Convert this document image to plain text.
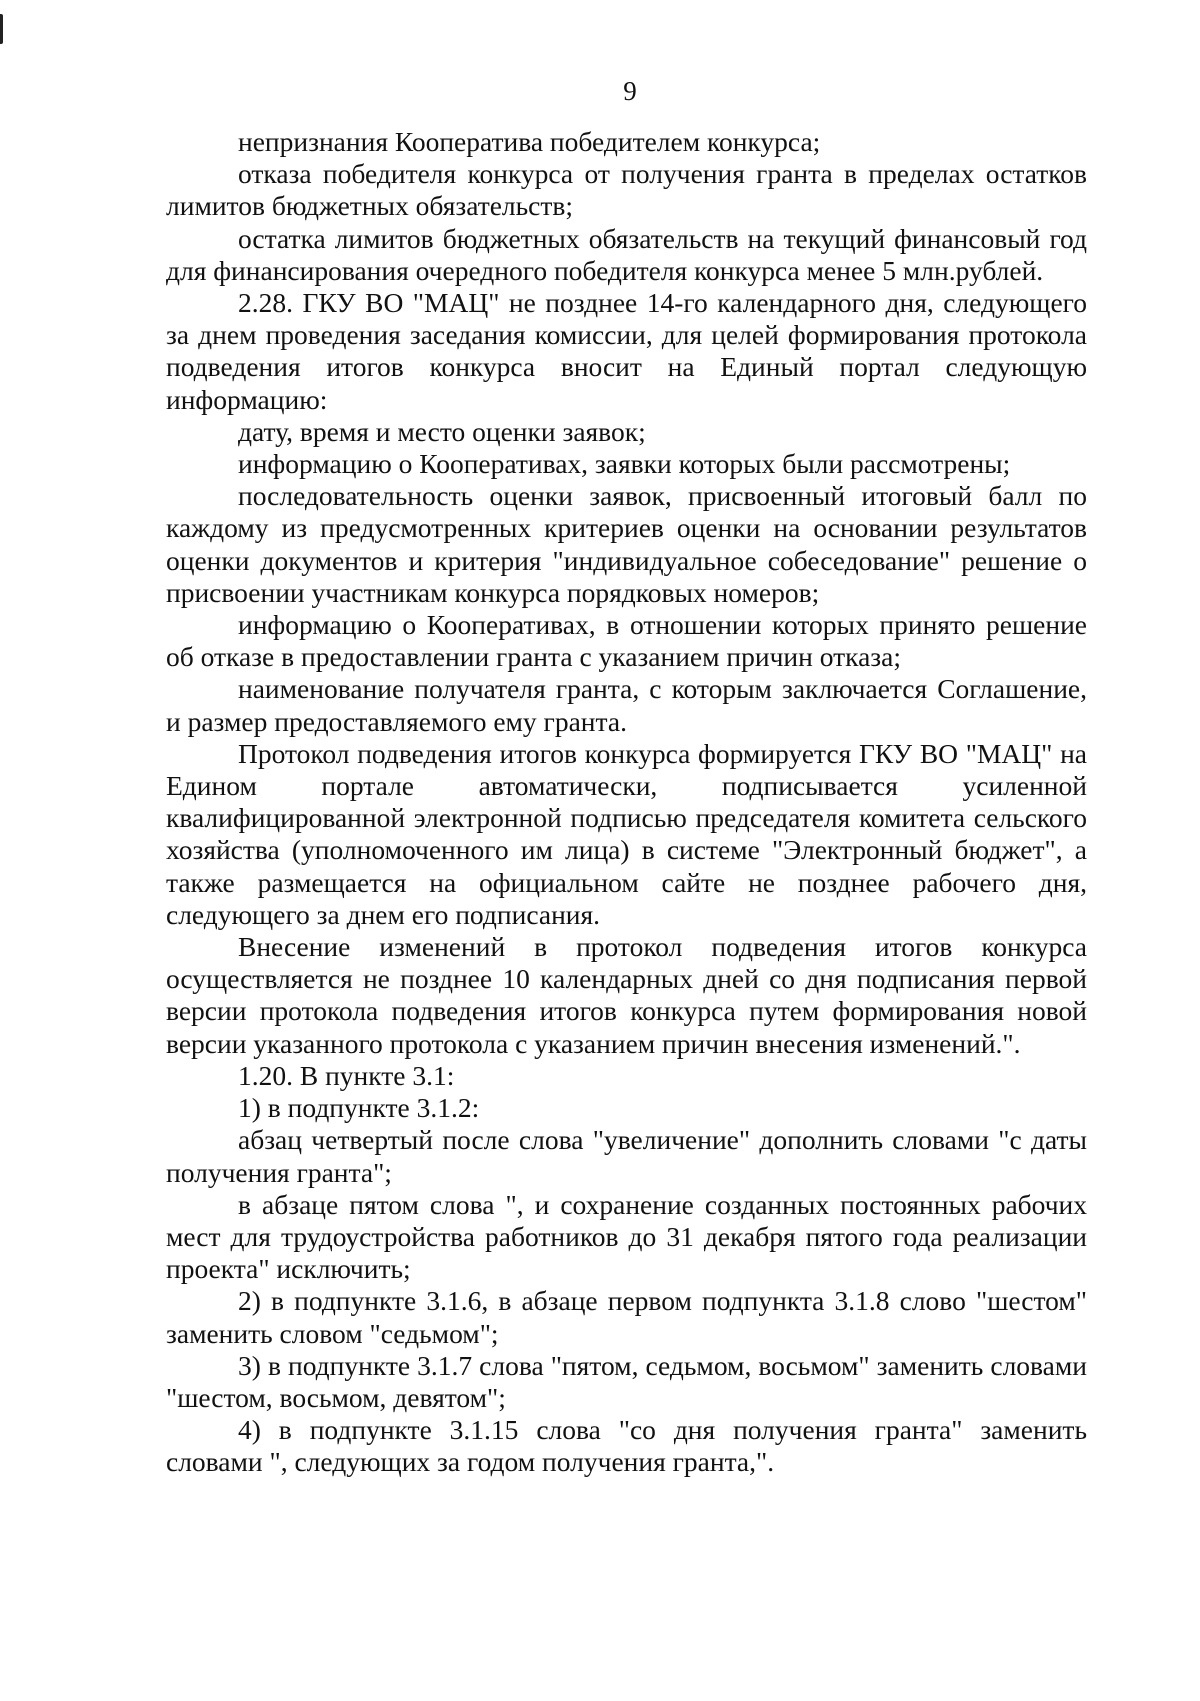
9

непризнания Кооператива победителем конкурса;

отказа победителя конкурса от получения гранта в пределах остатков лимитов бюджетных обязательств;

остатка лимитов бюджетных обязательств на текущий финансовый год для финансирования очередного победителя конкурса менее 5 млн.рублей.

2.28. ГКУ ВО "МАЦ" не позднее 14-го календарного дня, следующего за днем проведения заседания комиссии, для целей формирования протокола подведения итогов конкурса вносит на Единый портал следующую информацию:

дату, время и место оценки заявок;

информацию о Кооперативах, заявки которых были рассмотрены;

последовательность оценки заявок, присвоенный итоговый балл по каждому из предусмотренных критериев оценки на основании результатов оценки документов и критерия "индивидуальное собеседование" решение о присвоении участникам конкурса порядковых номеров;

информацию о Кооперативах, в отношении которых принято решение об отказе в предоставлении гранта с указанием причин отказа;

наименование получателя гранта, с которым заключается Соглашение, и размер предоставляемого ему гранта.

Протокол подведения итогов конкурса формируется ГКУ ВО "МАЦ" на Едином портале автоматически, подписывается усиленной квалифицированной электронной подписью председателя комитета сельского хозяйства (уполномоченного им лица) в системе "Электронный бюджет", а также размещается на официальном сайте не позднее рабочего дня, следующего за днем его подписания.

Внесение изменений в протокол подведения итогов конкурса осуществляется не позднее 10 календарных дней со дня подписания первой версии протокола подведения итогов конкурса путем формирования новой версии указанного протокола с указанием причин внесения изменений.".

1.20. В пункте 3.1:

1) в подпункте 3.1.2:

абзац четвертый после слова "увеличение" дополнить словами "с даты получения гранта";

в абзаце пятом слова ", и сохранение созданных постоянных рабочих мест для трудоустройства работников до 31 декабря пятого года реализации проекта" исключить;

2) в подпункте 3.1.6, в абзаце первом подпункта 3.1.8 слово "шестом" заменить словом "седьмом";

3) в подпункте 3.1.7 слова "пятом, седьмом, восьмом" заменить словами "шестом, восьмом, девятом";

4) в подпункте 3.1.15 слова "со дня получения гранта" заменить словами ", следующих за годом получения гранта,".
